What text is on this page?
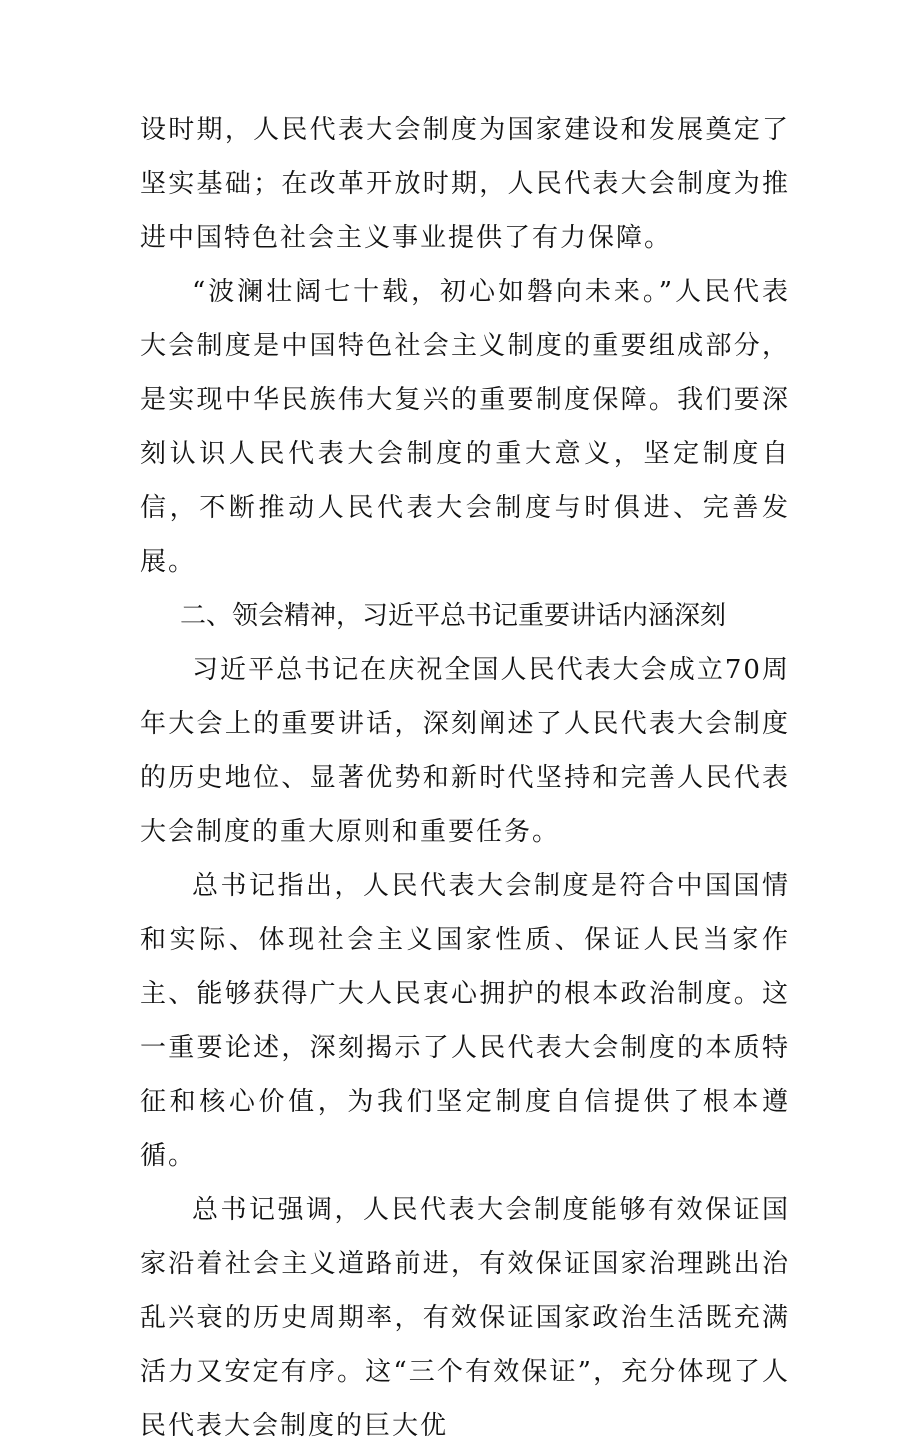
设时期，人民代表大会制度为国家建设和发展奠定了坚实基础；在改革开放时期，人民代表大会制度为推进中国特色社会主义事业提供了有力保障。

“波澜壮阔七十载，初心如磐向未来。”人民代表大会制度是中国特色社会主义制度的重要组成部分，是实现中华民族伟大复兴的重要制度保障。我们要深刻认识人民代表大会制度的重大意义，坚定制度自信，不断推动人民代表大会制度与时俱进、完善发展。

二、领会精神，习近平总书记重要讲话内涵深刻

习近平总书记在庆祝全国人民代表大会成立70周年大会上的重要讲话，深刻阐述了人民代表大会制度的历史地位、显著优势和新时代坚持和完善人民代表大会制度的重大原则和重要任务。

总书记指出，人民代表大会制度是符合中国国情和实际、体现社会主义国家性质、保证人民当家作主、能够获得广大人民衷心拥护的根本政治制度。这一重要论述，深刻揭示了人民代表大会制度的本质特征和核心价值，为我们坚定制度自信提供了根本遵循。

总书记强调，人民代表大会制度能够有效保证国家沿着社会主义道路前进，有效保证国家治理跳出治乱兴衰的历史周期率，有效保证国家政治生活既充满活力又安定有序。这“三个有效保证”，充分体现了人民代表大会制度的巨大优
